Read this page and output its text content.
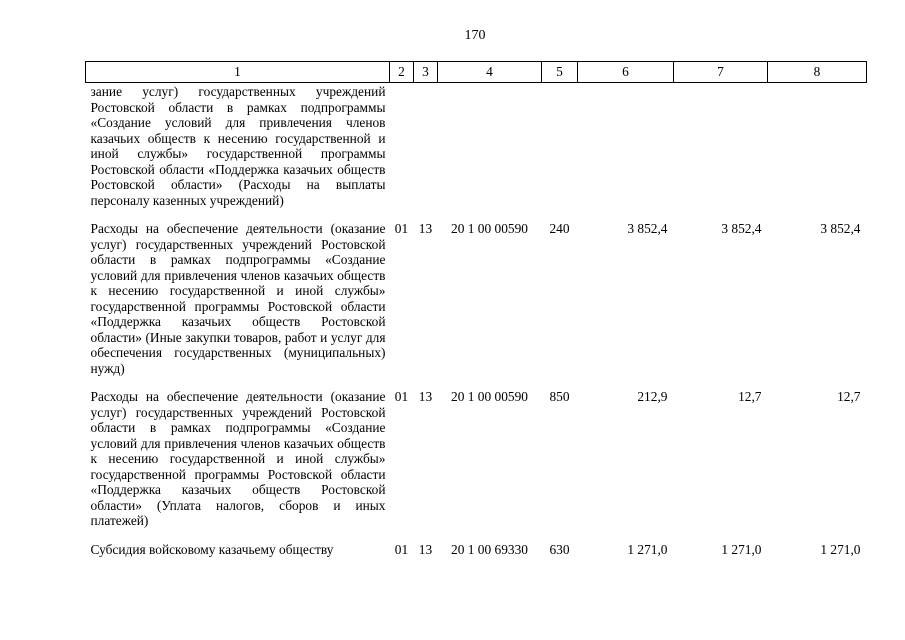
170
1	2	3	4	5	6	7	8
зание услуг) государственных учреждений Ростовской области в рамках подпрограммы «Создание условий для привлечения членов казачьих обществ к несению государственной и иной службы» государственной программы Ростовской области «Поддержка казачьих обществ Ростовской области» (Расходы на выплаты персоналу казенных учреждений)							
Расходы на обеспечение деятельности (оказание услуг) государственных учреждений Ростовской области в рамках подпрограммы «Создание условий для привлечения членов казачьих обществ к несению государственной и иной службы» государственной программы Ростовской области «Поддержка казачьих обществ Ростовской области» (Иные закупки товаров, работ и услуг для обеспечения государственных (муниципальных) нужд)	01	13	20 1 00 00590	240	3 852,4	3 852,4	3 852,4
Расходы на обеспечение деятельности (оказание услуг) государственных учреждений Ростовской области в рамках подпрограммы «Создание условий для привлечения членов казачьих обществ к несению государственной и иной службы» государственной программы Ростовской области «Поддержка казачьих обществ Ростовской области» (Уплата налогов, сборов и иных платежей)	01	13	20 1 00 00590	850	212,9	12,7	12,7
Субсидия войсковому казачьему обществу	01	13	20 1 00 69330	630	1 271,0	1 271,0	1 271,0
